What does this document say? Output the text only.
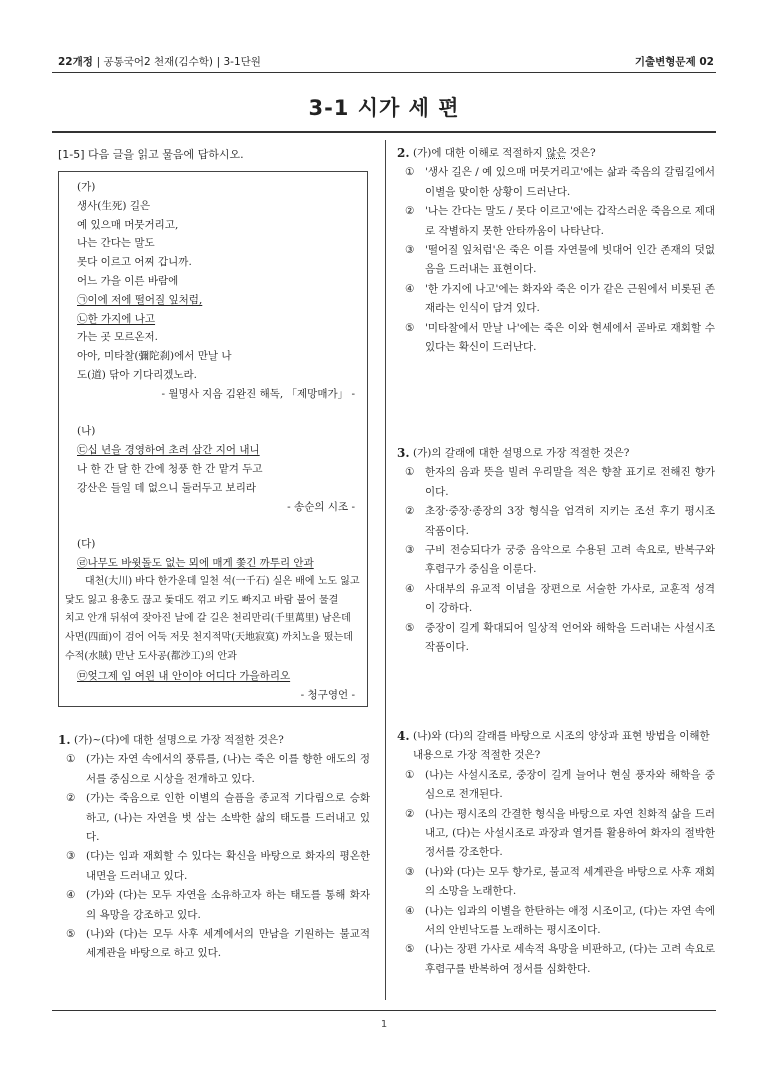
22개정 | 공통국어2 천재(김수학) | 3-1단원	기출변형문제 02
3-1 시가 세 편
[1-5] 다음 글을 읽고 물음에 답하시오.
(가)
생사(生死) 길은
예 있으매 머뭇거리고,
나는 간다는 말도
못다 이르고 어찌 갑니까.
어느 가을 이른 바람에
㉠이에 저에 떨어질 잎처럼,
㉡한 가지에 나고
가는 곳 모르온저.
아아, 미타찰(彌陀刹)에서 만날 나
도(道) 닦아 기다리겠노라.
- 월명사 지음 김완진 해독, 「제망매가」 -
(나)
㉢십 년을 경영하여 초려 삼간 지어 내니
나 한 간 달 한 간에 청풍 한 간 맡겨 두고
강산은 들일 데 없으니 둘러두고 보리라
- 송순의 시조 -
(다)
㉣나무도 바윗돌도 없는 뫼에 매게 쫓긴 까투리 안과
대천(大川) 바다 한가운데 일천 석(一千石) 실은 배에 노도 잃고
닻도 잃고 용총도 끊고 돛대도 꺾고 키도 빠지고 바람 불어 물결
치고 안개 뒤섞여 잦아진 날에 갈 길은 천리만리(千里萬里) 남은데
사면(四面)이 검어 어둑 저뭇 천지적막(天地寂寞) 까치노을 떴는데
수적(水賊) 만난 도사공(都沙工)의 안과
㉤엊그제 임 여읜 내 안이야 어디다 가을하리오
- 청구영언 -
1. (가)~(다)에 대한 설명으로 가장 적절한 것은?
①	(가)는 자연 속에서의 풍류를, (나)는 죽은 이를 향한 애도의 정서를 중심으로 시상을 전개하고 있다.
②	(가)는 죽음으로 인한 이별의 슬픔을 종교적 기다림으로 승화하고, (나)는 자연을 벗 삼는 소박한 삶의 태도를 드러내고 있다.
③	(다)는 임과 재회할 수 있다는 확신을 바탕으로 화자의 평온한 내면을 드러내고 있다.
④	(가)와 (다)는 모두 자연을 소유하고자 하는 태도를 통해 화자의 욕망을 강조하고 있다.
⑤	(나)와 (다)는 모두 사후 세계에서의 만남을 기원하는 불교적 세계관을 바탕으로 하고 있다.
2. (가)에 대한 이해로 적절하지 않은 것은?
①	'생사 길은 / 예 있으매 머뭇거리고'에는 삶과 죽음의 갈림길에서 이별을 맞이한 상황이 드러난다.
②	'나는 간다는 말도 / 못다 이르고'에는 갑작스러운 죽음으로 제대로 작별하지 못한 안타까움이 나타난다.
③	'떨어질 잎처럼'은 죽은 이를 자연물에 빗대어 인간 존재의 덧없음을 드러내는 표현이다.
④	'한 가지에 나고'에는 화자와 죽은 이가 같은 근원에서 비롯된 존재라는 인식이 담겨 있다.
⑤	'미타찰에서 만날 나'에는 죽은 이와 현세에서 곧바로 재회할 수 있다는 확신이 드러난다.
3. (가)의 갈래에 대한 설명으로 가장 적절한 것은?
①	한자의 음과 뜻을 빌려 우리말을 적은 향찰 표기로 전해진 향가이다.
②	초장·중장·종장의 3장 형식을 엄격히 지키는 조선 후기 평시조 작품이다.
③	구비 전승되다가 궁중 음악으로 수용된 고려 속요로, 반복구와 후렴구가 중심을 이룬다.
④	사대부의 유교적 이념을 장편으로 서술한 가사로, 교훈적 성격이 강하다.
⑤	중장이 길게 확대되어 일상적 언어와 해학을 드러내는 사설시조 작품이다.
4. (나)와 (다)의 갈래를 바탕으로 시조의 양상과 표현 방법을 이해한 내용으로 가장 적절한 것은?
①	(나)는 사설시조로, 중장이 길게 늘어나 현실 풍자와 해학을 중심으로 전개된다.
②	(나)는 평시조의 간결한 형식을 바탕으로 자연 친화적 삶을 드러내고, (다)는 사설시조로 과장과 열거를 활용하여 화자의 절박한 정서를 강조한다.
③	(나)와 (다)는 모두 향가로, 불교적 세계관을 바탕으로 사후 재회의 소망을 노래한다.
④	(나)는 임과의 이별을 한탄하는 애정 시조이고, (다)는 자연 속에서의 안빈낙도를 노래하는 평시조이다.
⑤	(나)는 장편 가사로 세속적 욕망을 비판하고, (다)는 고려 속요로 후렴구를 반복하여 정서를 심화한다.
1
